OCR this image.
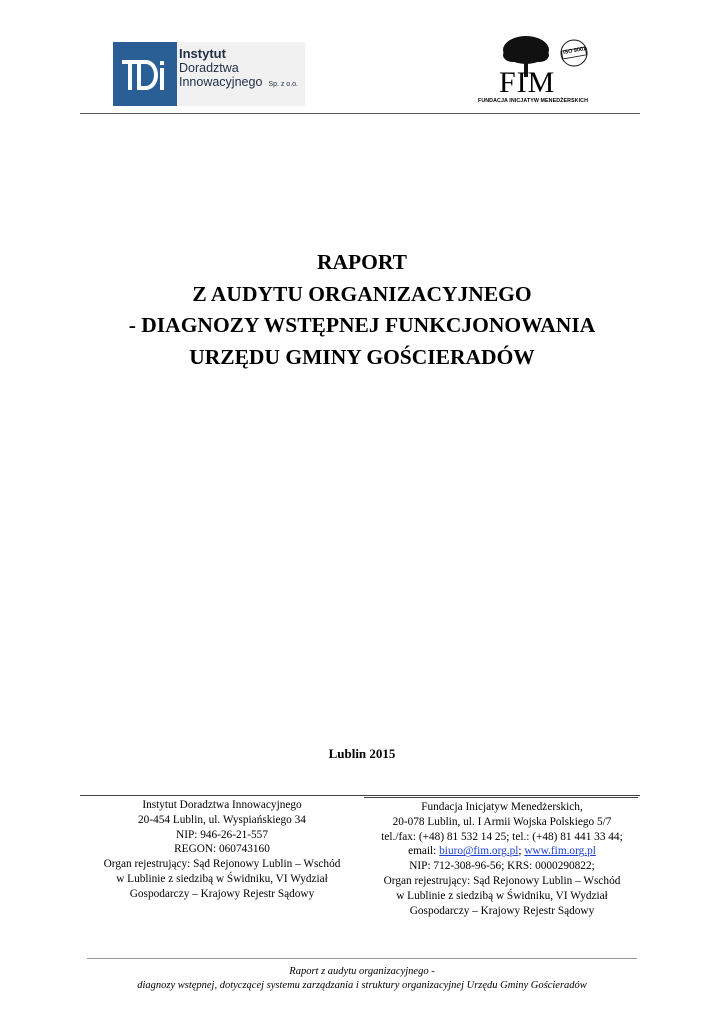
Instytut
Doradztwa
Innowacyjnego Sp. z o.o.
ISO 9001
FIM
FUNDACJA INICJATYW MENEDŻERSKICH
RAPORT
Z AUDYTU ORGANIZACYJNEGO
- DIAGNOZY WSTĘPNEJ FUNKCJONOWANIA
URZĘDU GMINY GOŚCIERADÓW
Lublin 2015
Instytut Doradztwa Innowacyjnego
20-454 Lublin, ul. Wyspiańskiego 34
NIP: 946-26-21-557
REGON: 060743160
Organ rejestrujący: Sąd Rejonowy Lublin – Wschód
w Lublinie z siedzibą w Świdniku, VI Wydział
Gospodarczy – Krajowy Rejestr Sądowy
Fundacja Inicjatyw Menedżerskich,
20-078 Lublin, ul. I Armii Wojska Polskiego 5/7
tel./fax: (+48) 81 532 14 25; tel.: (+48) 81 441 33 44;
email: biuro@fim.org.pl; www.fim.org.pl
NIP: 712-308-96-56; KRS: 0000290822;
Organ rejestrujący: Sąd Rejonowy Lublin – Wschód
w Lublinie z siedzibą w Świdniku, VI Wydział
Gospodarczy – Krajowy Rejestr Sądowy
Raport z audytu organizacyjnego -
diagnozy wstępnej, dotyczącej systemu zarządzania i struktury organizacyjnej Urzędu Gminy Gościeradów
